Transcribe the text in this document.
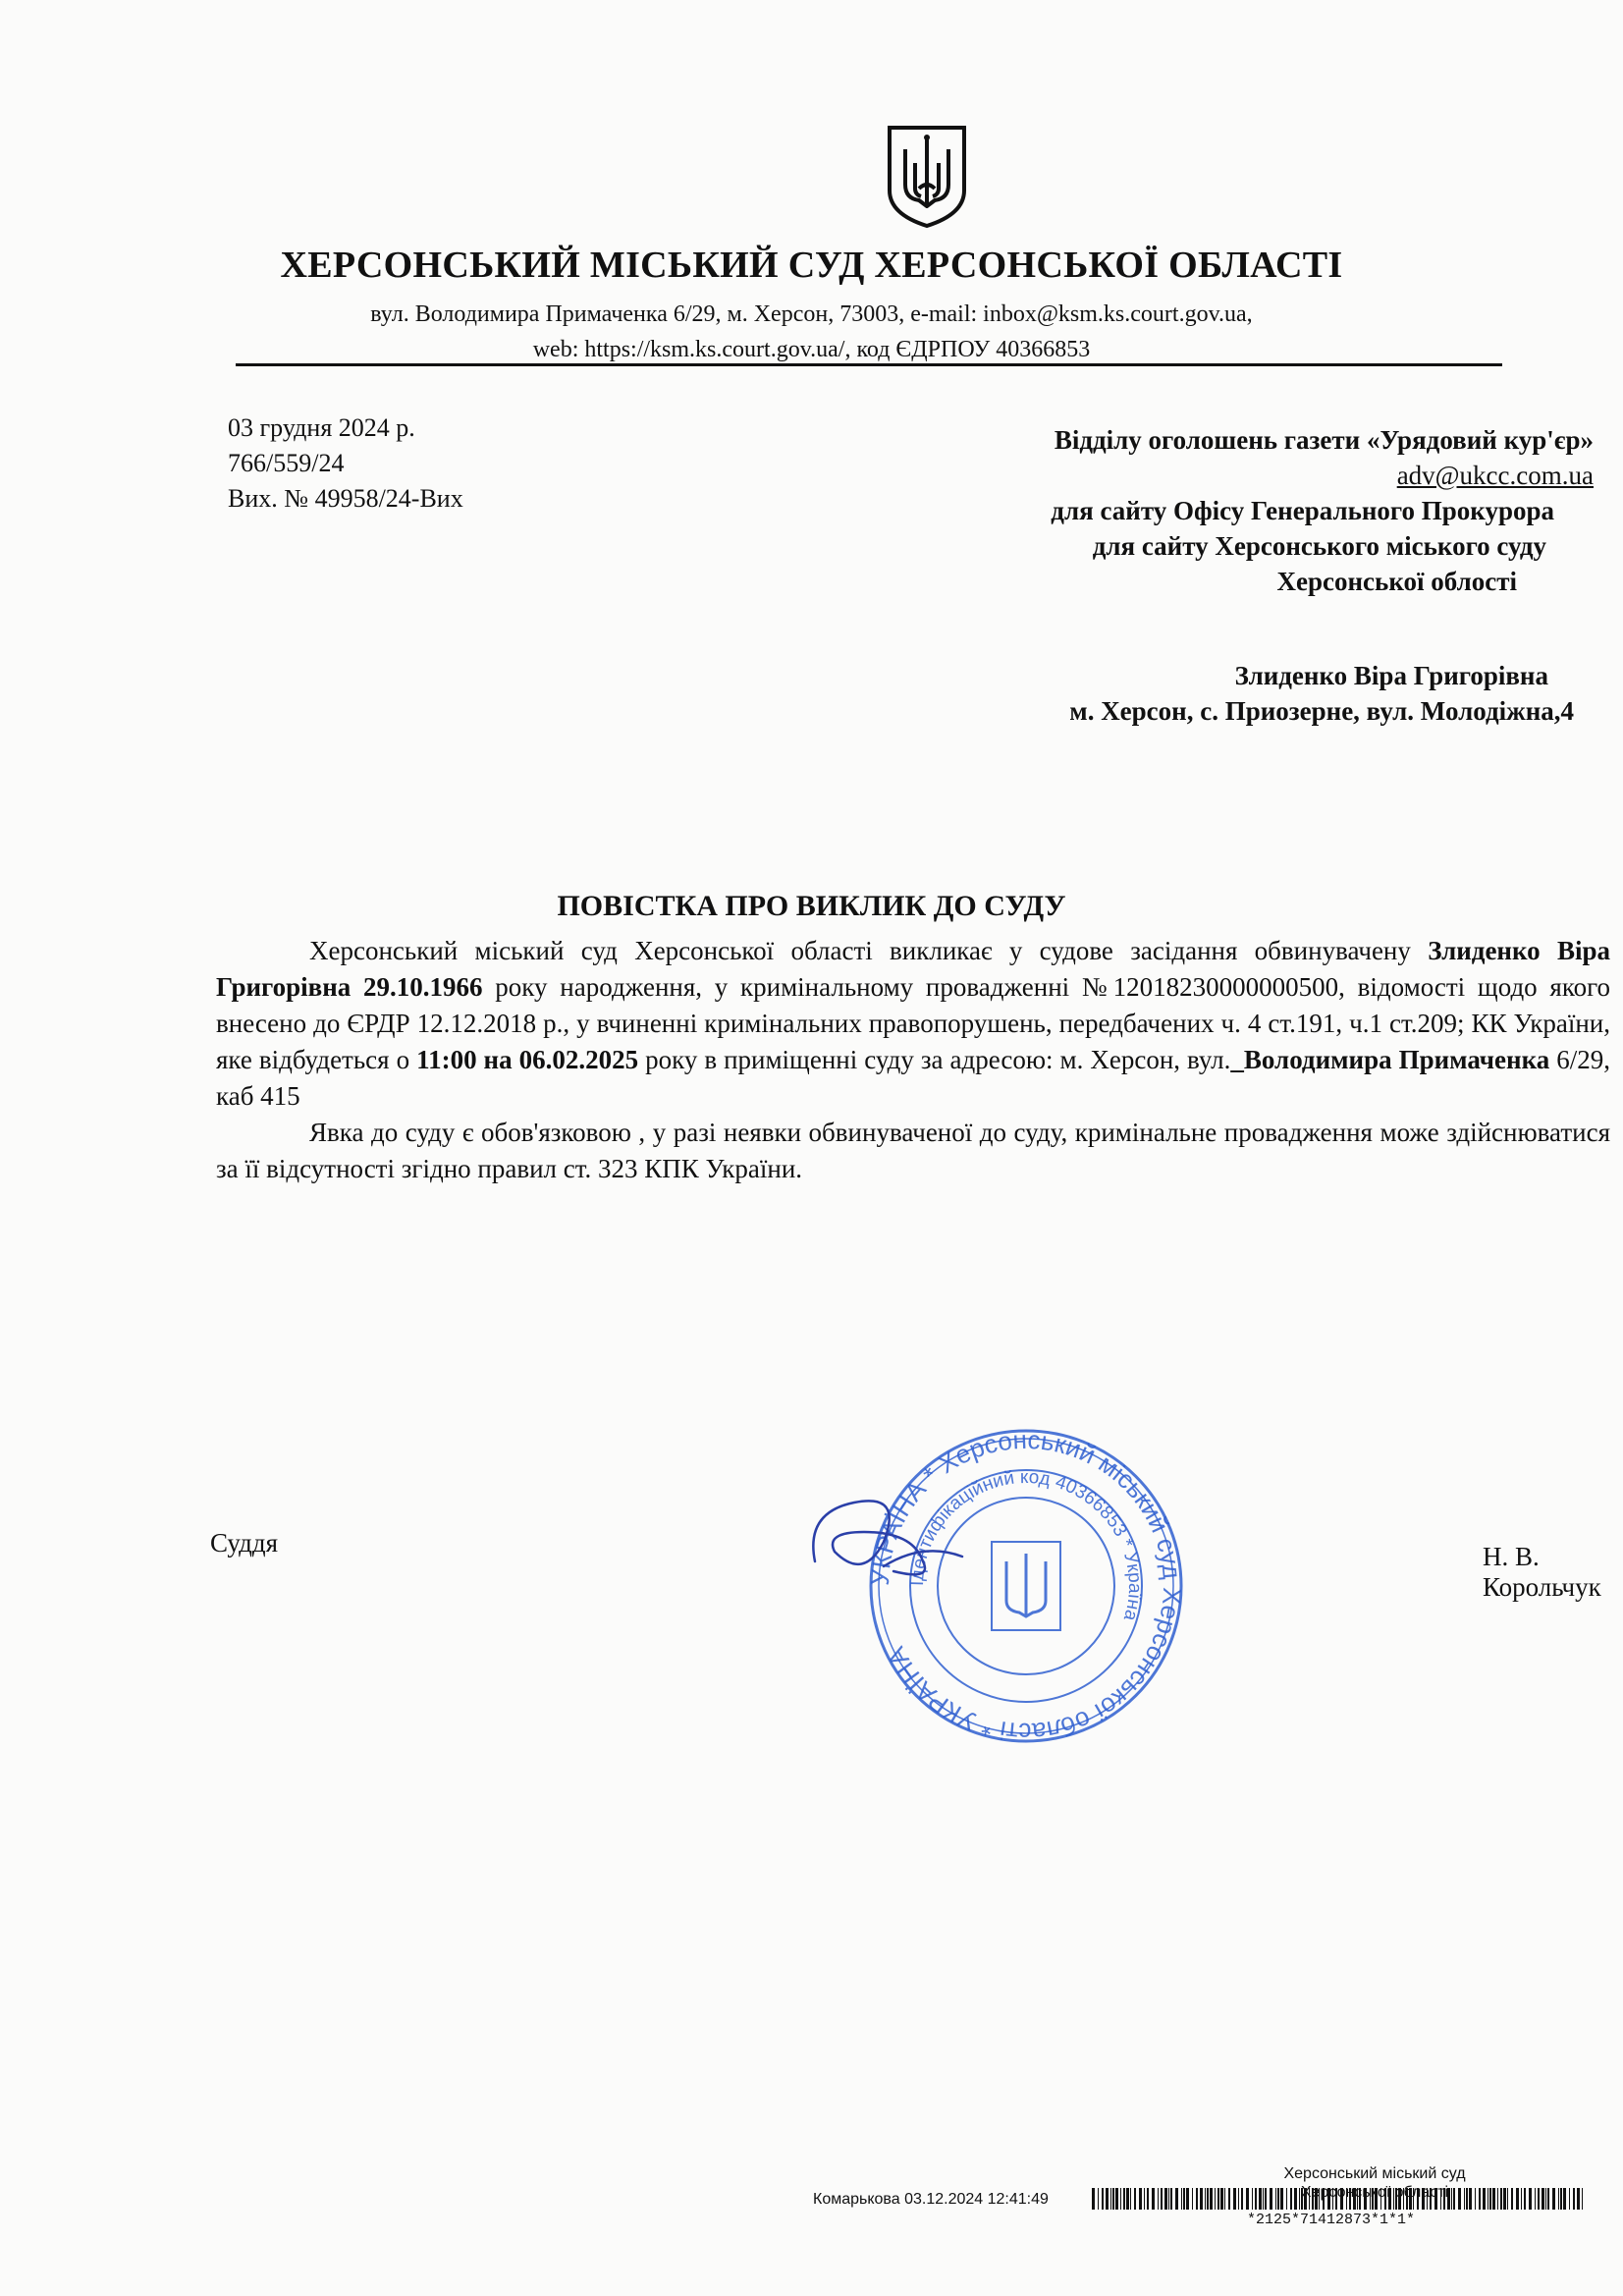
ХЕРСОНСЬКИЙ МІСЬКИЙ СУД ХЕРСОНСЬКОЇ ОБЛАСТІ
вул. Володимира Примаченка 6/29, м. Херсон, 73003, e-mail: inbox@ksm.ks.court.gov.ua,
web: https://ksm.ks.court.gov.ua/, код ЄДРПОУ 40366853
03 грудня 2024 р.
766/559/24
Вих. № 49958/24-Вих
Відділу оголошень газети «Урядовий кур'єр»
adv@ukcc.com.ua
для сайту Офісу Генерального Прокурора
для сайту Херсонського міського суду
Херсонської облості
Злиденко Віра Григорівна
м. Херсон, с. Приозерне, вул. Молодіжна,4
ПОВІСТКА ПРО ВИКЛИК ДО СУДУ

Херсонський міський суд Херсонської області викликає у судове засідання обвинувачену Злиденко Віра Григорівна 29.10.1966 року народження, у кримінальному провадженні №12018230000000500, відомості щодо якого внесено до ЄРДР 12.12.2018 р., у вчиненні кримінальних правопорушень, передбачених ч. 4 ст.191, ч.1 ст.209; КК України, яке відбудеться о 11:00 на 06.02.2025 року в приміщенні суду за адресою: м. Херсон, вул._Володимира Примаченка 6/29, каб 415

Явка до суду є обов'язковою , у разі неявки обвинуваченої до суду, кримінальне провадження може здійснюватися за її відсутності згідно правил ст. 323 КПК України.

Суддя	Н. В. Корольчук
УКРАЇНА * Херсонський міський суд Херсонської області * УКРАЇНА
Ідентифікаційний код 40366853 * Україна
Херсонський міський суд
Херсонської області
Комарькова 03.12.2024 12:41:49
*2125*71412873*1*1*
